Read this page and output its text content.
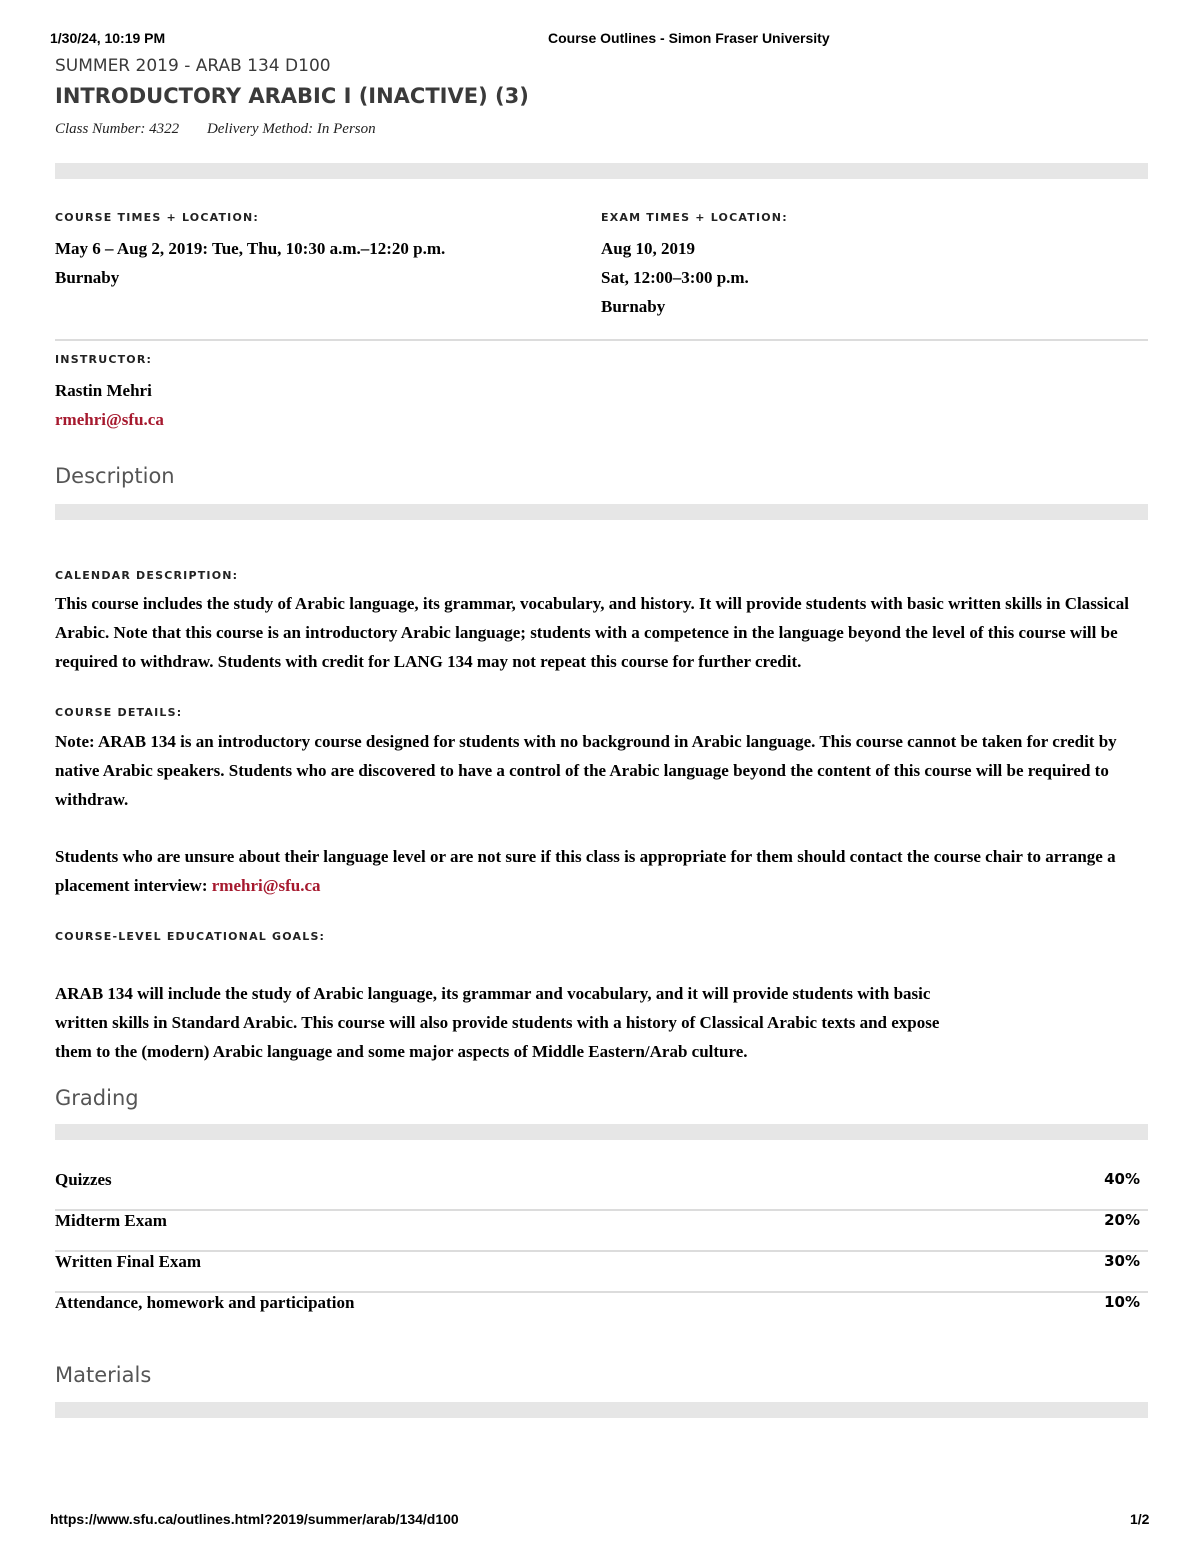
1/30/24, 10:19 PM	Course Outlines - Simon Fraser University
SUMMER 2019 - ARAB 134 D100
INTRODUCTORY ARABIC I (INACTIVE) (3)
Class Number: 4322 Delivery Method: In Person
COURSE TIMES + LOCATION:
May 6 – Aug 2, 2019: Tue, Thu, 10:30 a.m.–12:20 p.m.
Burnaby
EXAM TIMES + LOCATION:
Aug 10, 2019
Sat, 12:00–3:00 p.m.
Burnaby
INSTRUCTOR:
Rastin Mehri
rmehri@sfu.ca
Description
CALENDAR DESCRIPTION:
This course includes the study of Arabic language, its grammar, vocabulary, and history. It will provide students with basic written skills in Classical Arabic. Note that this course is an introductory Arabic language; students with a competence in the language beyond the level of this course will be required to withdraw. Students with credit for LANG 134 may not repeat this course for further credit.
COURSE DETAILS:
Note: ARAB 134 is an introductory course designed for students with no background in Arabic language. This course cannot be taken for credit by native Arabic speakers. Students who are discovered to have a control of the Arabic language beyond the content of this course will be required to withdraw.
Students who are unsure about their language level or are not sure if this class is appropriate for them should contact the course chair to arrange a placement interview: rmehri@sfu.ca
COURSE-LEVEL EDUCATIONAL GOALS:
ARAB 134 will include the study of Arabic language, its grammar and vocabulary, and it will provide students with basic
written skills in Standard Arabic. This course will also provide students with a history of Classical Arabic texts and expose
them to the (modern) Arabic language and some major aspects of Middle Eastern/Arab culture.
Grading
Quizzes	40%
Midterm Exam	20%
Written Final Exam	30%
Attendance, homework and participation	10%
Materials
https://www.sfu.ca/outlines.html?2019/summer/arab/134/d100	1/2
